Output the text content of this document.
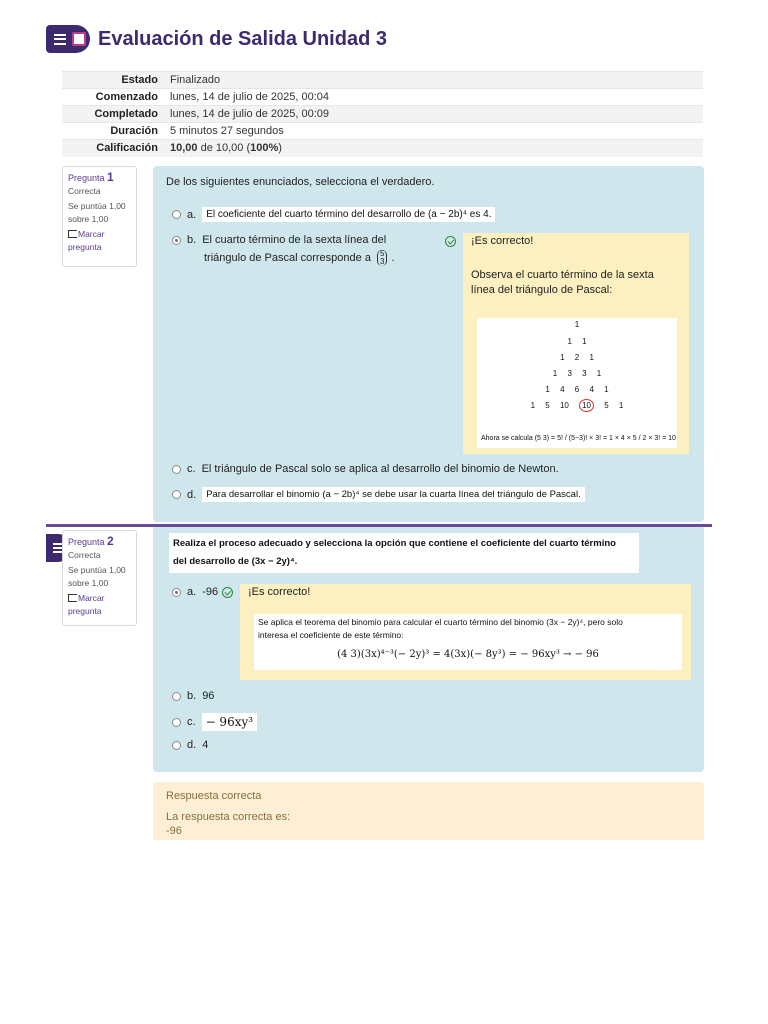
Evaluación de Salida Unidad 3
Estado	Finalizado
Comenzado	lunes, 14 de julio de 2025, 00:04
Completado	lunes, 14 de julio de 2025, 00:09
Duración	5 minutos 27 segundos
Calificación	10,00 de 10,00 (100%)
Pregunta 1
Correcta
Se puntúa 1,00 sobre 1,00
Marcar pregunta
De los siguientes enunciados, selecciona el verdadero.
a.	El coeficiente del cuarto término del desarrollo de (a − 2b)⁴ es 4.
b. El cuarto término de la sexta línea del
triángulo de Pascal corresponde a 5
3 .
¡Es correcto!
Observa el cuarto término de la sexta
línea del triángulo de Pascal:
1
1 1
1 2 1
1 3 3 1
1 4 6 4 1
1 5 10 10 5 1
Ahora se calcula (5 3) = 5! / (5−3)! × 3! = 1 × 4 × 5 / 2 × 3! = 10
c. El triángulo de Pascal solo se aplica al desarrollo del binomio de Newton.
d.	Para desarrollar el binomio (a − 2b)⁴ se debe usar la cuarta línea del triángulo de Pascal.
Pregunta 2
Correcta
Se puntúa 1,00 sobre 1,00
Marcar pregunta
Realiza el proceso adecuado y selecciona la opción que contiene el coeficiente del cuarto término
del desarrollo de (3x − 2y)⁴.
a. -96	¡Es correcto!
Se aplica el teorema del binomio para calcular el cuarto término del binomio (3x − 2y)⁴, pero solo
interesa el coeficiente de este término:
(4 3)(3x)⁴⁻³(− 2y)³ = 4(3x)(− 8y³) = − 96xy³ → − 96
b. 96
c. − 96xy³
d. 4
Respuesta correcta
La respuesta correcta es:
-96
